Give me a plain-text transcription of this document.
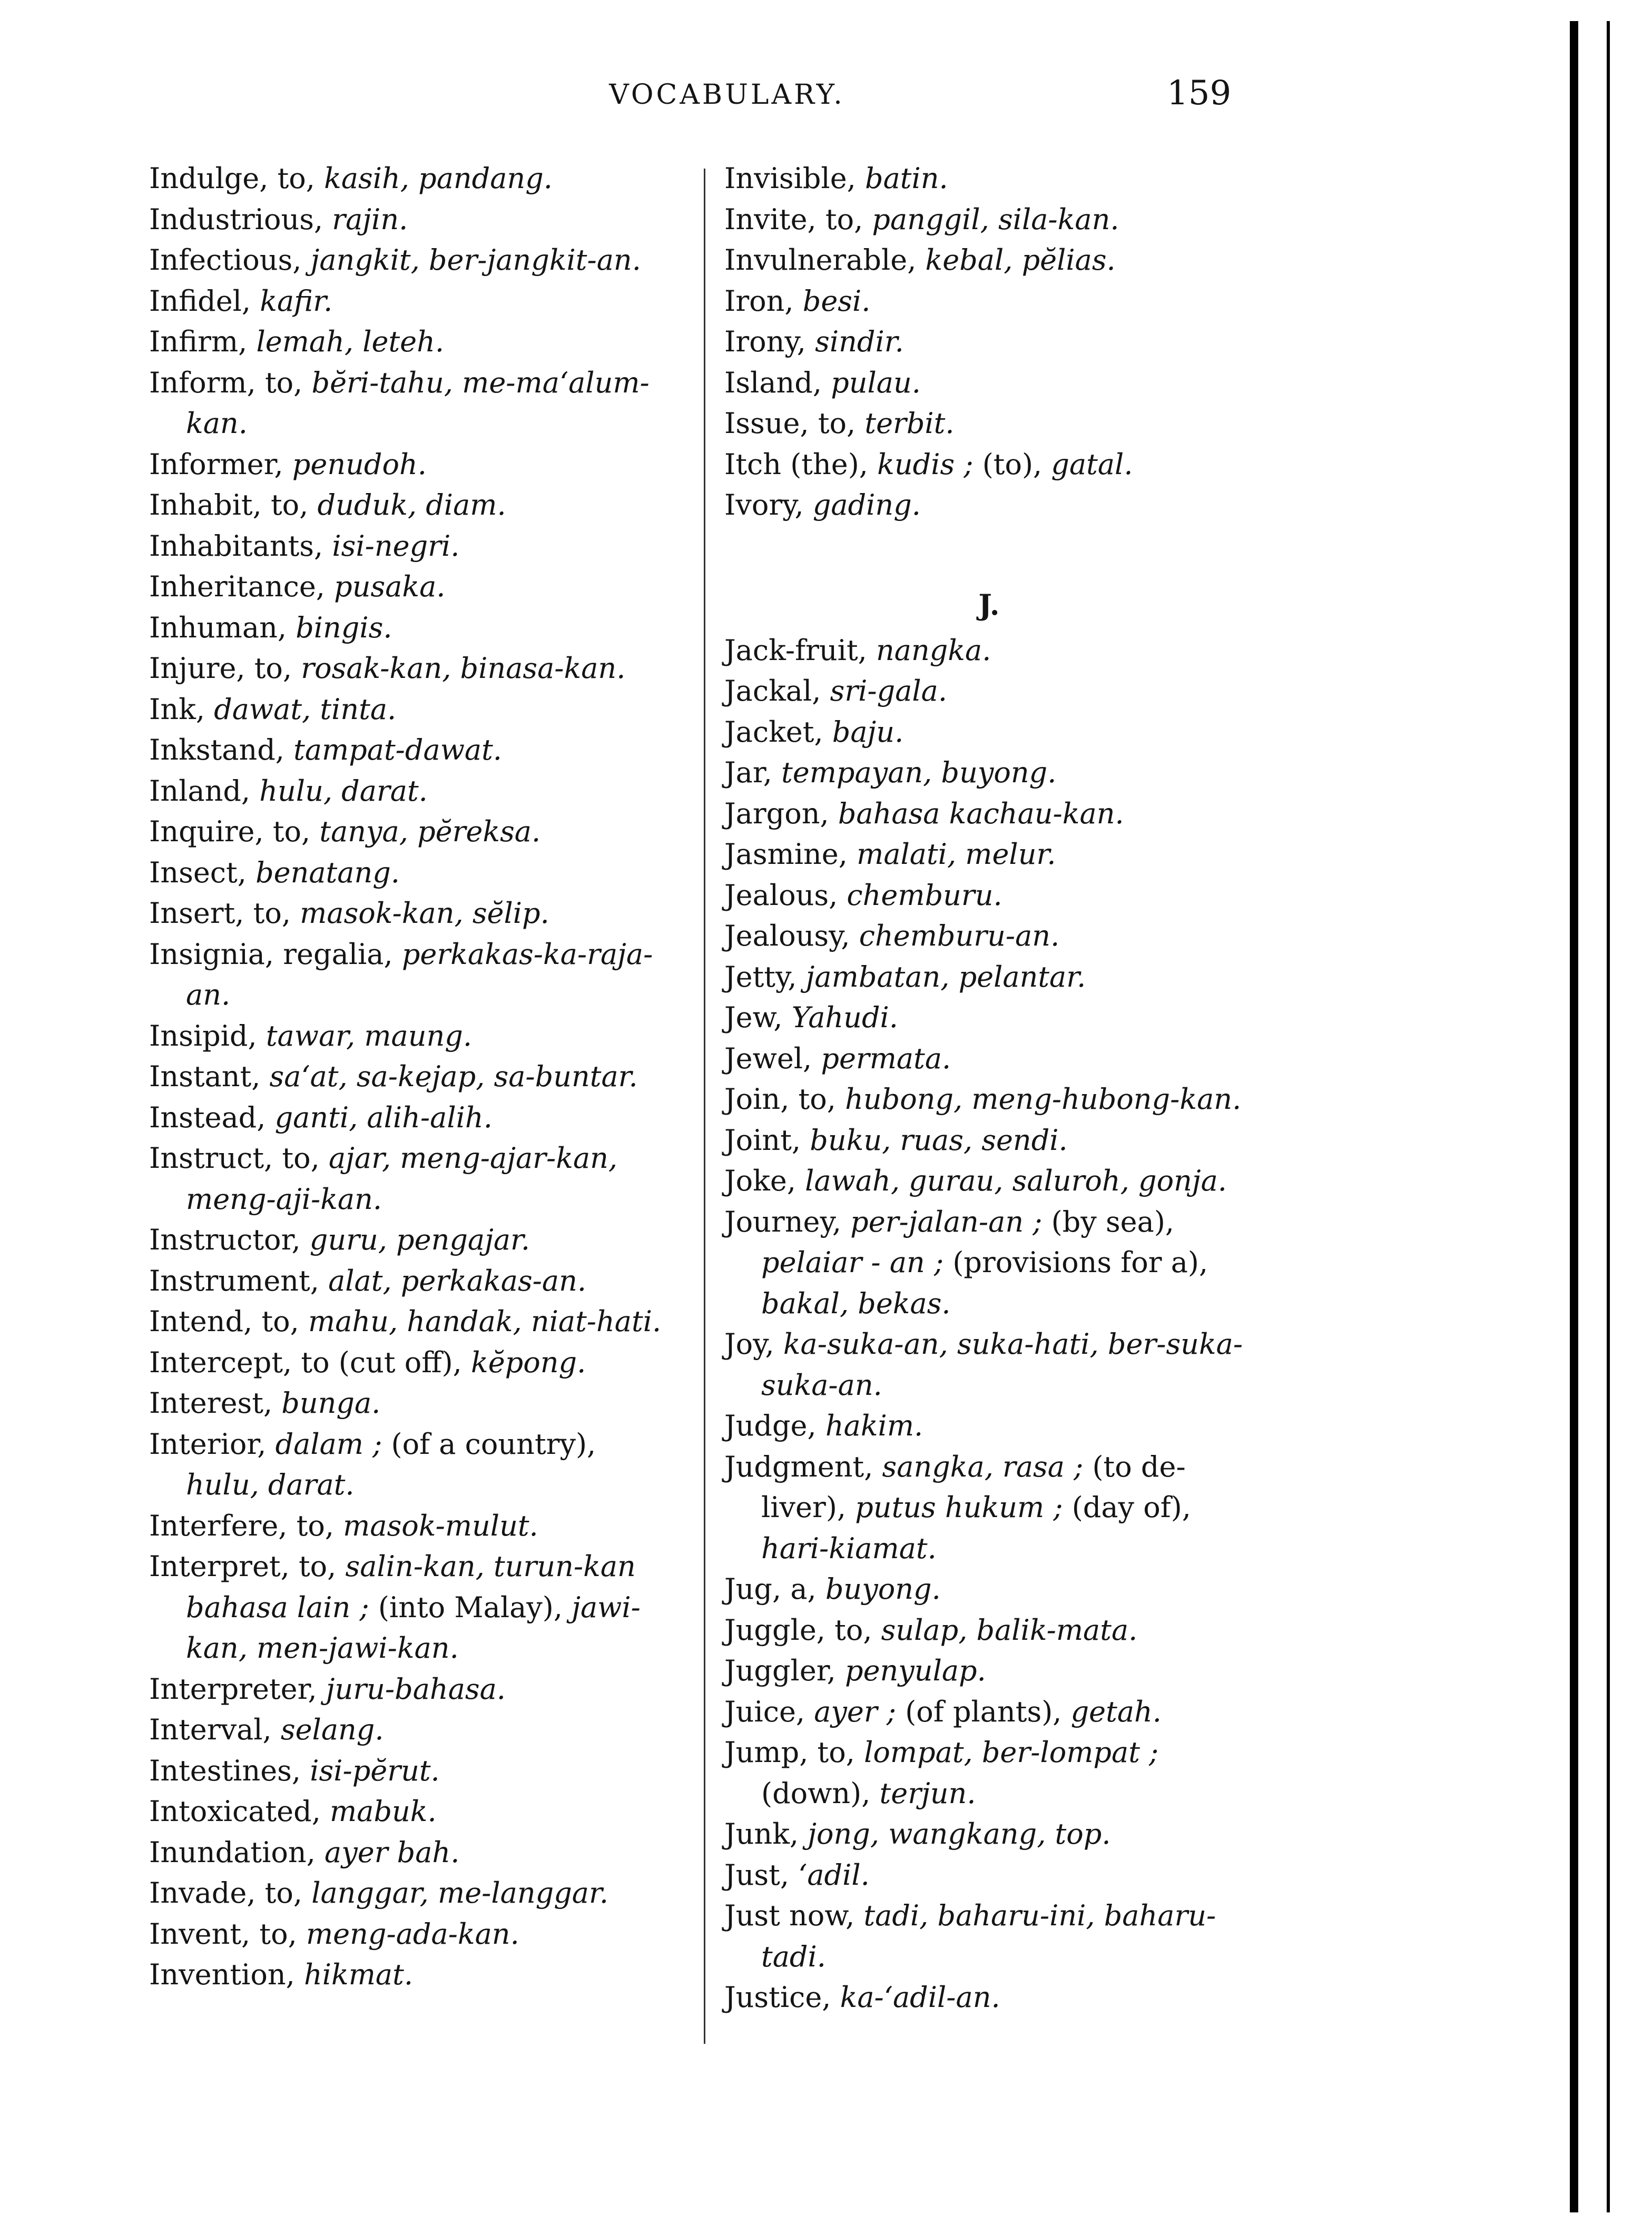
VOCABULARY.	159

Indulge, to, kasih, pandang.

Industrious, rajin.

Infectious, jangkit, ber-jangkit-an.

Infidel, kafir.

Infirm, lemah, leteh.

Inform, to, bĕri-tahu, me-ma‘alum-kan.

Informer, penudoh.

Inhabit, to, duduk, diam.

Inhabitants, isi-negri.

Inheritance, pusaka.

Inhuman, bingis.

Injure, to, rosak-kan, binasa-kan.

Ink, dawat, tinta.

Inkstand, tampat-dawat.

Inland, hulu, darat.

Inquire, to, tanya, pĕreksa.

Insect, benatang.

Insert, to, masok-kan, sĕlip.

Insignia, regalia, perkakas-ka-raja-an.

Insipid, tawar, maung.

Instant, sa‘at, sa-kejap, sa-buntar.

Instead, ganti, alih-alih.

Instruct, to, ajar, meng-ajar-kan, meng-aji-kan.

Instructor, guru, pengajar.

Instrument, alat, perkakas-an.

Intend, to, mahu, handak, niat-hati.

Intercept, to (cut off), kĕpong.

Interest, bunga.

Interior, dalam ; (of a country), hulu, darat.

Interfere, to, masok-mulut.

Interpret, to, salin-kan, turun-kan bahasa lain ; (into Malay), jawi-kan, men-jawi-kan.

Interpreter, juru-bahasa.

Interval, selang.

Intestines, isi-pĕrut.

Intoxicated, mabuk.

Inundation, ayer bah.

Invade, to, langgar, me-langgar.

Invent, to, meng-ada-kan.

Invention, hikmat.

Invisible, batin.

Invite, to, panggil, sila-kan.

Invulnerable, kebal, pĕlias.

Iron, besi.

Irony, sindir.

Island, pulau.

Issue, to, terbit.

Itch (the), kudis ; (to), gatal.

Ivory, gading.

J.

Jack-fruit, nangka.

Jackal, sri-gala.

Jacket, baju.

Jar, tempayan, buyong.

Jargon, bahasa kachau-kan.

Jasmine, malati, melur.

Jealous, chemburu.

Jealousy, chemburu-an.

Jetty, jambatan, pelantar.

Jew, Yahudi.

Jewel, permata.

Join, to, hubong, meng-hubong-kan.

Joint, buku, ruas, sendi.

Joke, lawah, gurau, saluroh, gonja.

Journey, per-jalan-an ; (by sea), pelaiar - an ; (provisions for a), bakal, bekas.

Joy, ka-suka-an, suka-hati, ber-suka-suka-an.

Judge, hakim.

Judgment, sangka, rasa ; (to de-liver), putus hukum ; (day of), hari-kiamat.

Jug, a, buyong.

Juggle, to, sulap, balik-mata.

Juggler, penyulap.

Juice, ayer ; (of plants), getah.

Jump, to, lompat, ber-lompat ; (down), terjun.

Junk, jong, wangkang, top.

Just, ‘adil.

Just now, tadi, baharu-ini, baharu-tadi.

Justice, ka-‘adil-an.
